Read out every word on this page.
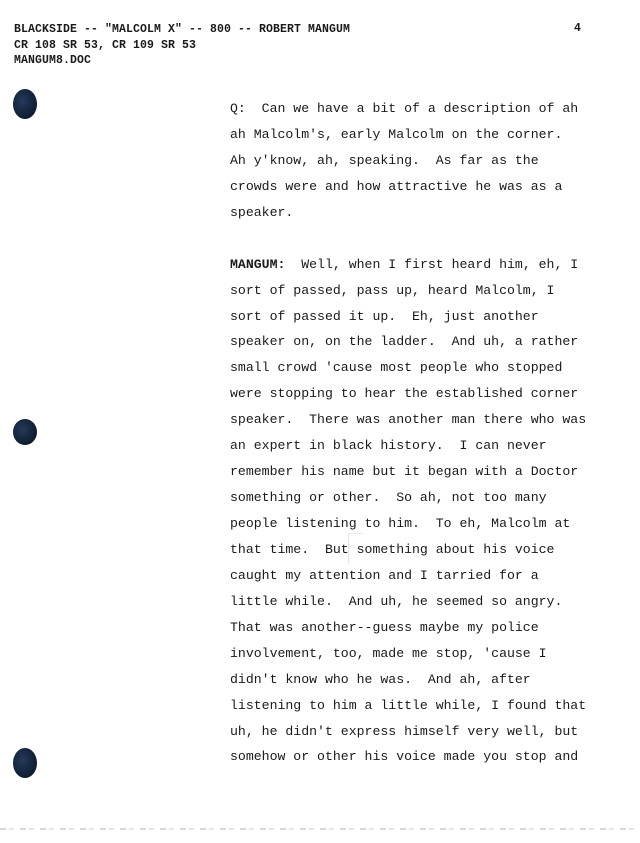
BLACKSIDE -- "MALCOLM X" -- 800 -- ROBERT MANGUM
CR 108 SR 53, CR 109 SR 53
MANGUM8.DOC
4
Q:  Can we have a bit of a description of ah
ah Malcolm's, early Malcolm on the corner.
Ah y'know, ah, speaking.  As far as the
crowds were and how attractive he was as a
speaker.
MANGUM:  Well, when I first heard him, eh, I
sort of passed, pass up, heard Malcolm, I
sort of passed it up.  Eh, just another
speaker on, on the ladder.  And uh, a rather
small crowd 'cause most people who stopped
were stopping to hear the established corner
speaker.  There was another man there who was
an expert in black history.  I can never
remember his name but it began with a Doctor
something or other.  So ah, not too many
people listening to him.  To eh, Malcolm at
that time.  But something about his voice
caught my attention and I tarried for a
little while.  And uh, he seemed so angry.
That was another--guess maybe my police
involvement, too, made me stop, 'cause I
didn't know who he was.  And ah, after
listening to him a little while, I found that
uh, he didn't express himself very well, but
somehow or other his voice made you stop and
